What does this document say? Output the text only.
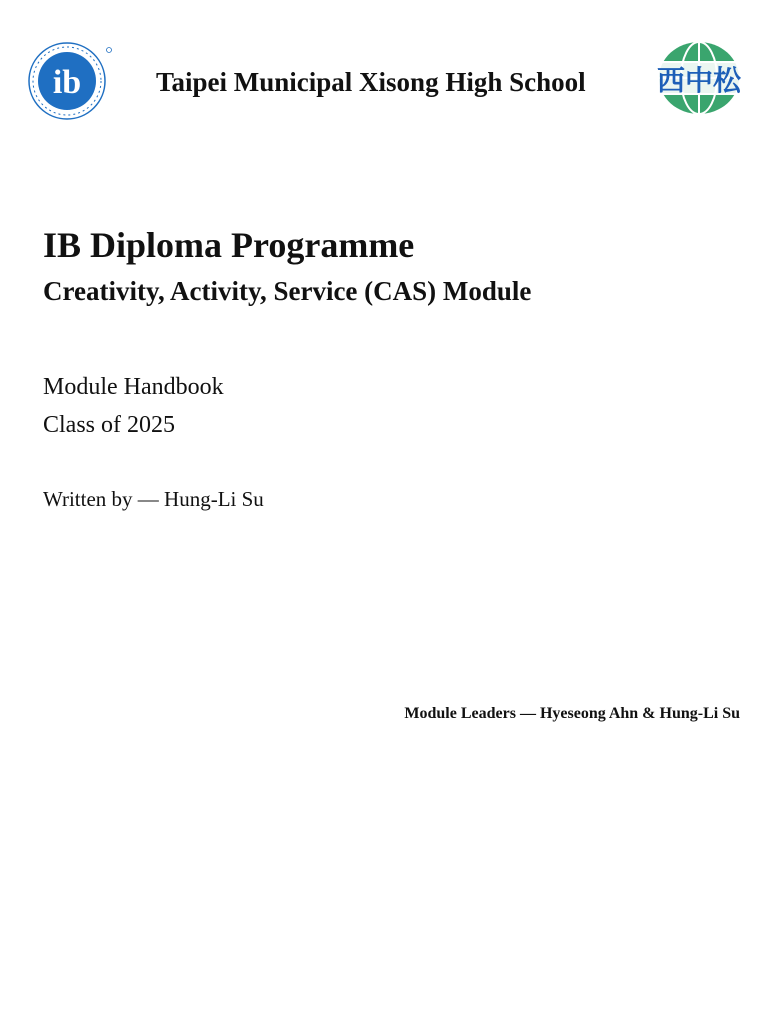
ib	Taipei Municipal Xisong High School	西中松
IB Diploma Programme
Creativity, Activity, Service (CAS) Module
Module Handbook
Class of 2025
Written by — Hung-Li Su
Module Leaders — Hyeseong Ahn & Hung-Li Su
